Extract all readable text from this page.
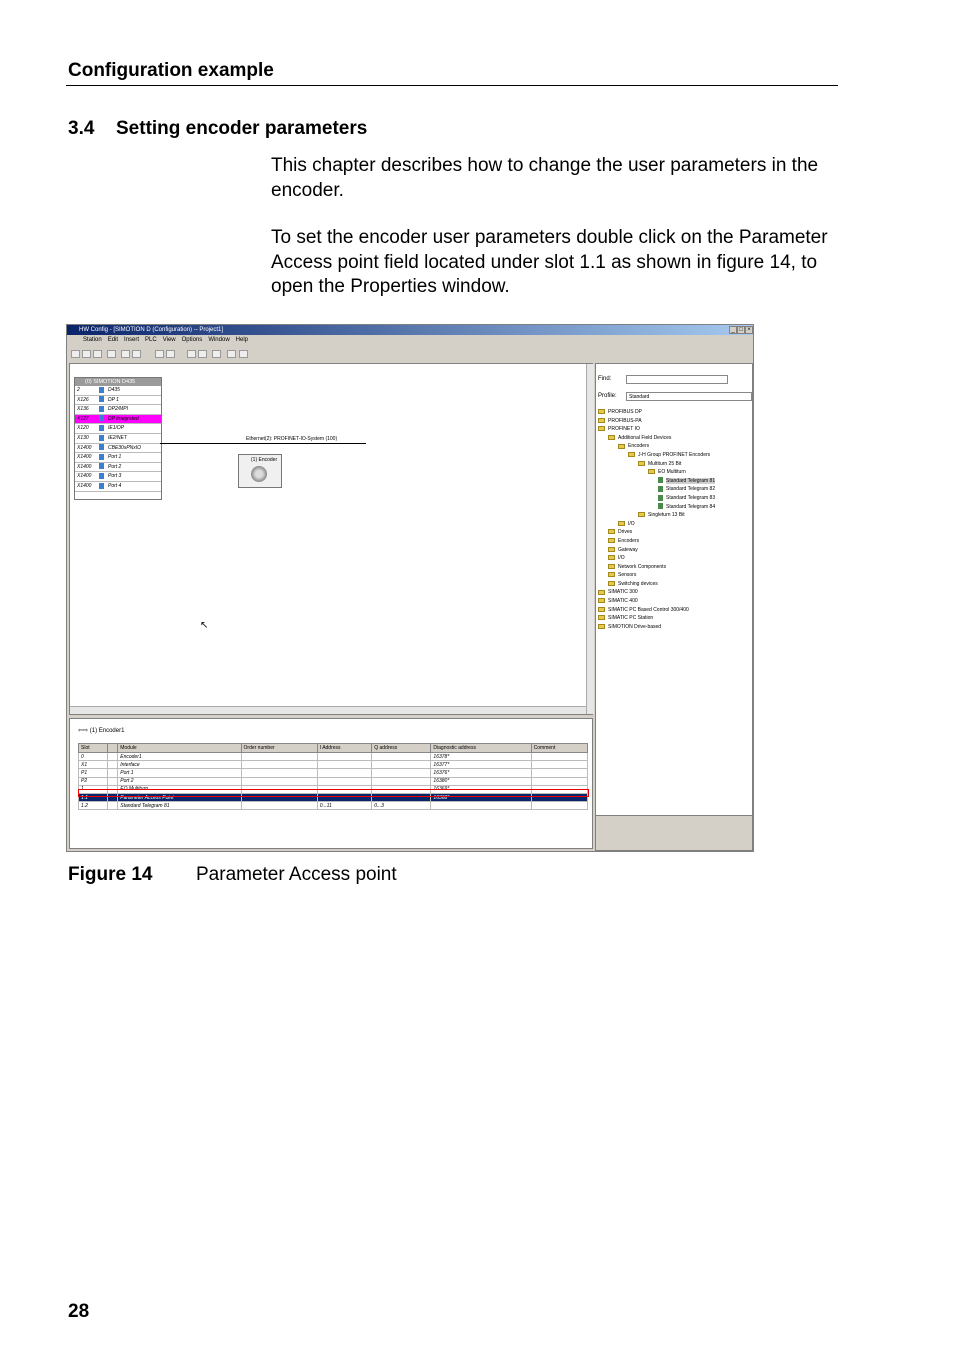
Configuration example
3.4 Setting encoder parameters
This chapter describes how to change the user parameters in the encoder.
To set the encoder user parameters double click on the Parameter Access point field located under slot 1.1 as shown in figure 14, to open the Properties window.
HW Config - [SIMOTION D (Configuration) -- Project1]	_ □ ×
Station Edit Insert PLC View Options Window Help
(0) SIMOTION D435
2	D435
X126	DP 1
X136	DP2/MPI
X127	DP Integrated
X120	IE1/OP
X130	IE2/NET
X1400	CBE30xPNxIO
X1400	Port 1
X1400	Port 2
X1400	Port 3
X1400	Port 4
Ethernet(2): PROFINET-IO-System (100)
(1) Encoder
↖
⇦⇨ (1) Encoder1
Slot		Module	Order number	I Address	Q address	Diagnostic address	Comment
0		Encoder1				16378*	
X1		Interface				16377*	
P1		Port 1				16376*	
P2		Port 2				16380*	
1		EO Multiturn				16369*	
1.1		Parameter Access Point				16368*	
1.2		Standard Telegram 81		0...11	0...3		
Find:
Profile:	Standard
PROFIBUS DP
PROFIBUS-PA
PROFINET IO
Additional Field Devices
Encoders
J-H Group PROFINET Encoders
Multiturn 25 Bit
EO Multiturn
Standard Telegram 81
Standard Telegram 82
Standard Telegram 83
Standard Telegram 84
Singleturn 13 Bit
I/O
Drives
Encoders
Gateway
I/O
Network Components
Sensors
Switching devices
SIMATIC 300
SIMATIC 400
SIMATIC PC Based Control 300/400
SIMATIC PC Station
SIMOTION Drive-based
Figure 14 Parameter Access point
28
